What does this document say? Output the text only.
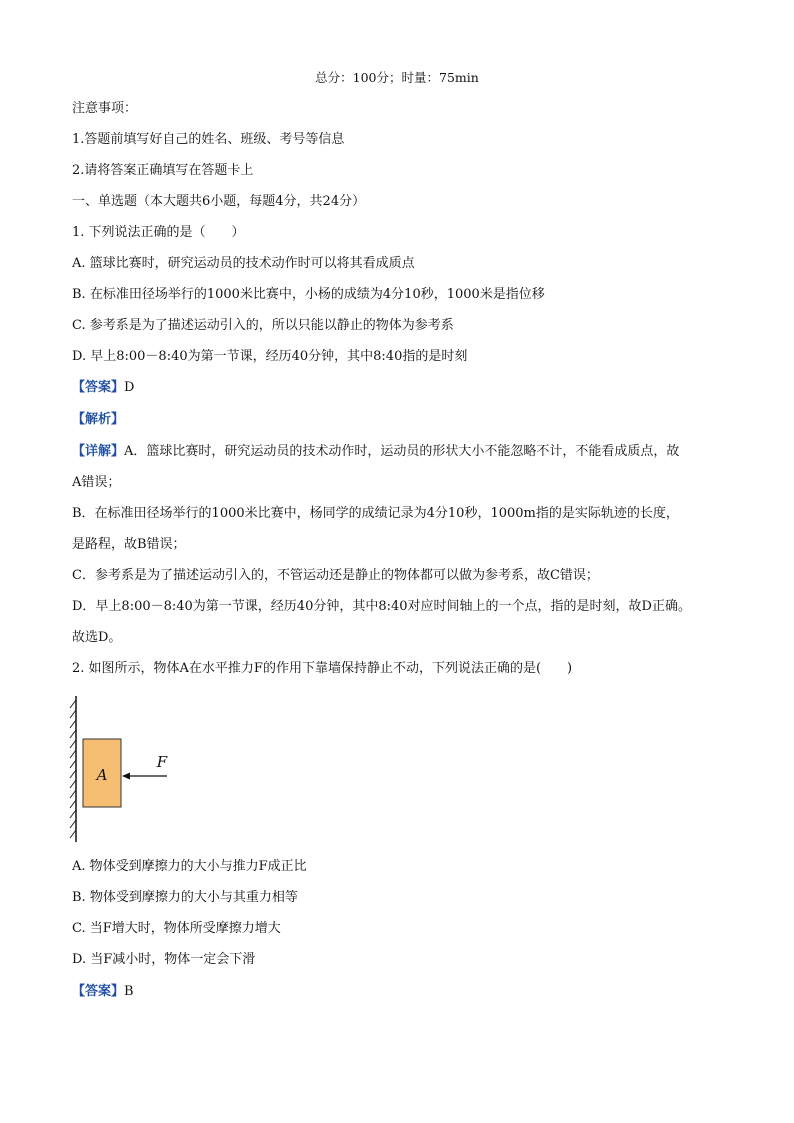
总分：100分；时量：75min
注意事项：
1.答题前填写好自己的姓名、班级、考号等信息
2.请将答案正确填写在答题卡上
一、单选题（本大题共6小题，每题4分，共24分）
1. 下列说法正确的是（　　）
A. 篮球比赛时，研究运动员的技术动作时可以将其看成质点
B. 在标准田径场举行的1000米比赛中，小杨的成绩为4分10秒，1000米是指位移
C. 参考系是为了描述运动引入的，所以只能以静止的物体为参考系
D. 早上8:00－8:40为第一节课，经历40分钟，其中8:40指的是时刻
【答案】D
【解析】
【详解】A．篮球比赛时，研究运动员的技术动作时，运动员的形状大小不能忽略不计，不能看成质点，故
A错误；
B．在标准田径场举行的1000米比赛中，杨同学的成绩记录为4分10秒，1000m指的是实际轨迹的长度，
是路程，故B错误；
C．参考系是为了描述运动引入的，不管运动还是静止的物体都可以做为参考系，故C错误；
D．早上8:00－8:40为第一节课，经历40分钟，其中8:40对应时间轴上的一个点，指的是时刻，故D正确。
故选D。
2. 如图所示，物体A在水平推力F的作用下靠墙保持静止不动，下列说法正确的是(　　)
A
F
A. 物体受到摩擦力的大小与推力F成正比
B. 物体受到摩擦力的大小与其重力相等
C. 当F增大时，物体所受摩擦力增大
D. 当F减小时，物体一定会下滑
【答案】B
